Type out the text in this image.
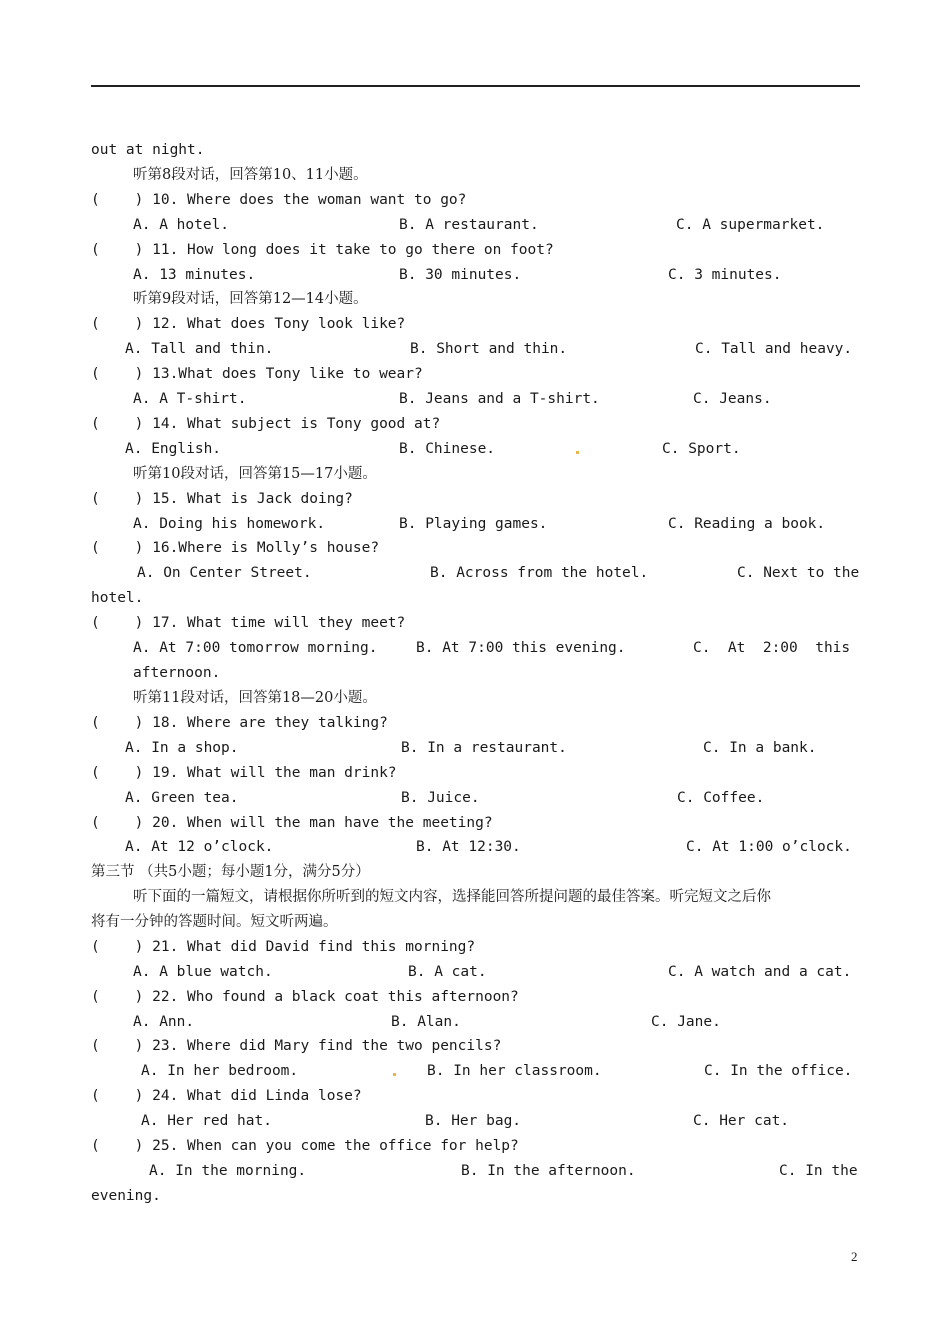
out at night.
听第8段对话，回答第10、11小题。
(    ) 10. Where does the woman want to go?
A. A hotel.	B. A restaurant.	C. A supermarket.
(    ) 11. How long does it take to go there on foot?
A. 13 minutes.	B. 30 minutes.	C. 3 minutes.
听第9段对话，回答第12—14小题。
(    ) 12. What does Tony look like?
A. Tall and thin.	B. Short and thin.	C. Tall and heavy.
(    ) 13.What does Tony like to wear?
A. A T-shirt.	B. Jeans and a T-shirt.	C. Jeans.
(    ) 14. What subject is Tony good at?
A. English.	B. Chinese.	C. Sport.
听第10段对话，回答第15—17小题。
(    ) 15. What is Jack doing?
A. Doing his homework.	B. Playing games.	C. Reading a book.
(    ) 16.Where is Molly’s house?
A. On Center Street.	B. Across from the hotel.	C. Next to the
hotel.
(    ) 17. What time will they meet?
A. At 7:00 tomorrow morning.	B. At 7:00 this evening.	C.  At  2:00  this
afternoon.
听第11段对话，回答第18—20小题。
(    ) 18. Where are they talking?
A. In a shop.	B. In a restaurant.	C. In a bank.
(    ) 19. What will the man drink?
A. Green tea.	B. Juice.	C. Coffee.
(    ) 20. When will the man have the meeting?
A. At 12 o’clock.	B. At 12:30.	C. At 1:00 o’clock.
第三节 （共5小题；每小题1分，满分5分）
听下面的一篇短文，请根据你所听到的短文内容，选择能回答所提问题的最佳答案。听完短文之后你
将有一分钟的答题时间。短文听两遍。
(    ) 21. What did David find this morning?
A. A blue watch.	B. A cat.	C. A watch and a cat.
(    ) 22. Who found a black coat this afternoon?
A. Ann.	B. Alan.	C. Jane.
(    ) 23. Where did Mary find the two pencils?
A. In her bedroom.	B. In her classroom.	C. In the office.
(    ) 24. What did Linda lose?
A. Her red hat.	B. Her bag.	C. Her cat.
(    ) 25. When can you come the office for help?
A. In the morning.	B. In the afternoon.	C. In the
evening.
2
